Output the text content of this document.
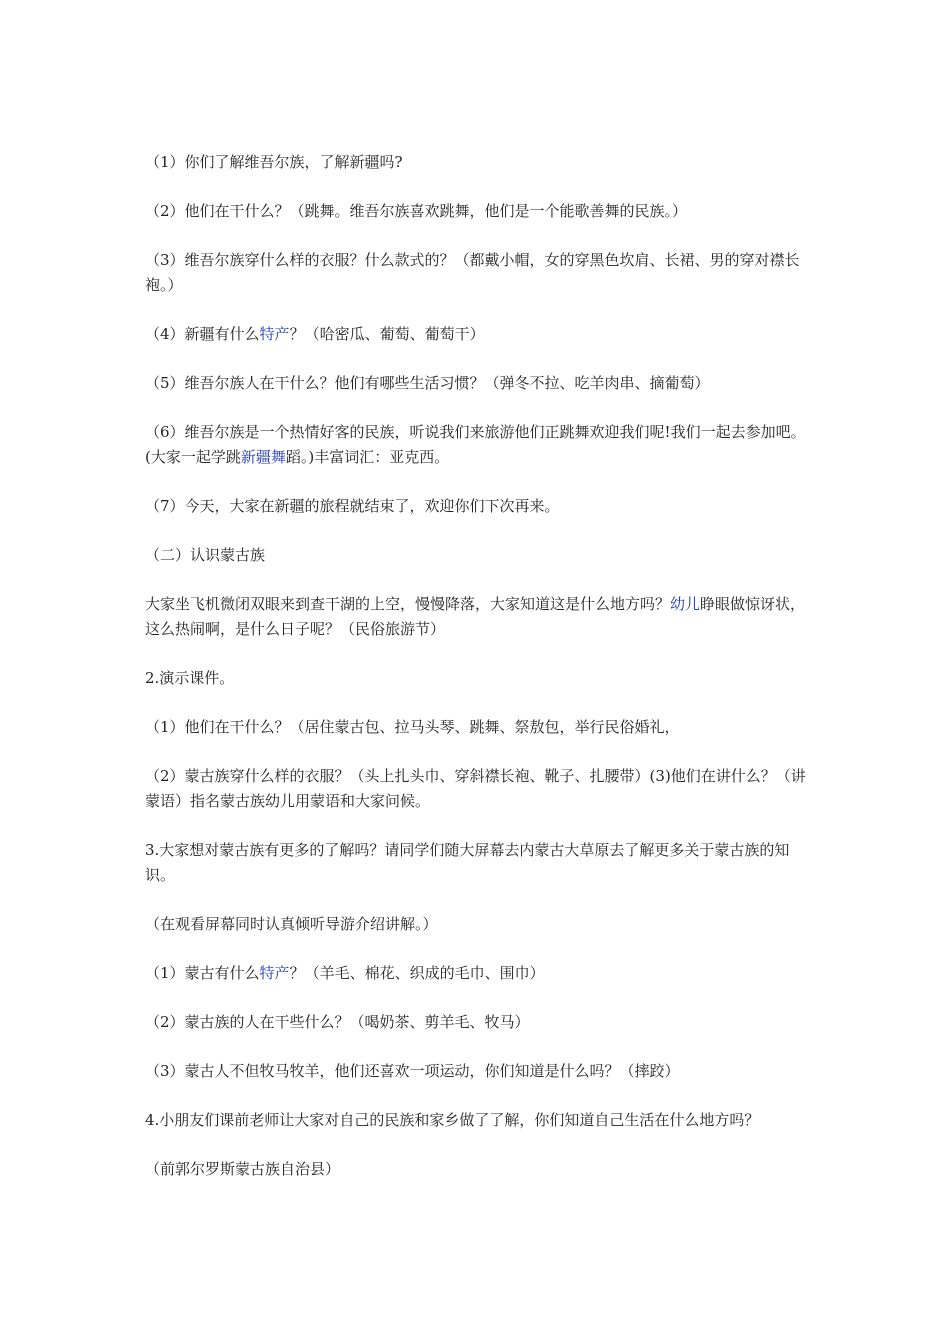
（1）你们了解维吾尔族，了解新疆吗?

（2）他们在干什么？（跳舞。维吾尔族喜欢跳舞，他们是一个能歌善舞的民族。）

（3）维吾尔族穿什么样的衣服？什么款式的？（都戴小帽，女的穿黑色坎肩、长裙、男的穿对襟长袍。）

（4）新疆有什么特产？（哈密瓜、葡萄、葡萄干）

（5）维吾尔族人在干什么？他们有哪些生活习惯？（弹冬不拉、吃羊肉串、摘葡萄）

（6）维吾尔族是一个热情好客的民族，听说我们来旅游他们正跳舞欢迎我们呢!我们一起去参加吧。(大家一起学跳新疆舞蹈。)丰富词汇：亚克西。

（7）今天，大家在新疆的旅程就结束了，欢迎你们下次再来。

（二）认识蒙古族

大家坐飞机微闭双眼来到查干湖的上空，慢慢降落，大家知道这是什么地方吗？幼儿睁眼做惊讶状，这么热闹啊，是什么日子呢？（民俗旅游节）

2.演示课件。

（1）他们在干什么？（居住蒙古包、拉马头琴、跳舞、祭敖包，举行民俗婚礼，

（2）蒙古族穿什么样的衣服？（头上扎头巾、穿斜襟长袍、靴子、扎腰带）(3)他们在讲什么？（讲蒙语）指名蒙古族幼儿用蒙语和大家问候。

3.大家想对蒙古族有更多的了解吗？请同学们随大屏幕去内蒙古大草原去了解更多关于蒙古族的知识。

（在观看屏幕同时认真倾听导游介绍讲解。）

（1）蒙古有什么特产？（羊毛、棉花、织成的毛巾、围巾）

（2）蒙古族的人在干些什么？（喝奶茶、剪羊毛、牧马）

（3）蒙古人不但牧马牧羊，他们还喜欢一项运动，你们知道是什么吗？（摔跤）

4.小朋友们课前老师让大家对自己的民族和家乡做了了解，你们知道自己生活在什么地方吗？

（前郭尔罗斯蒙古族自治县）
